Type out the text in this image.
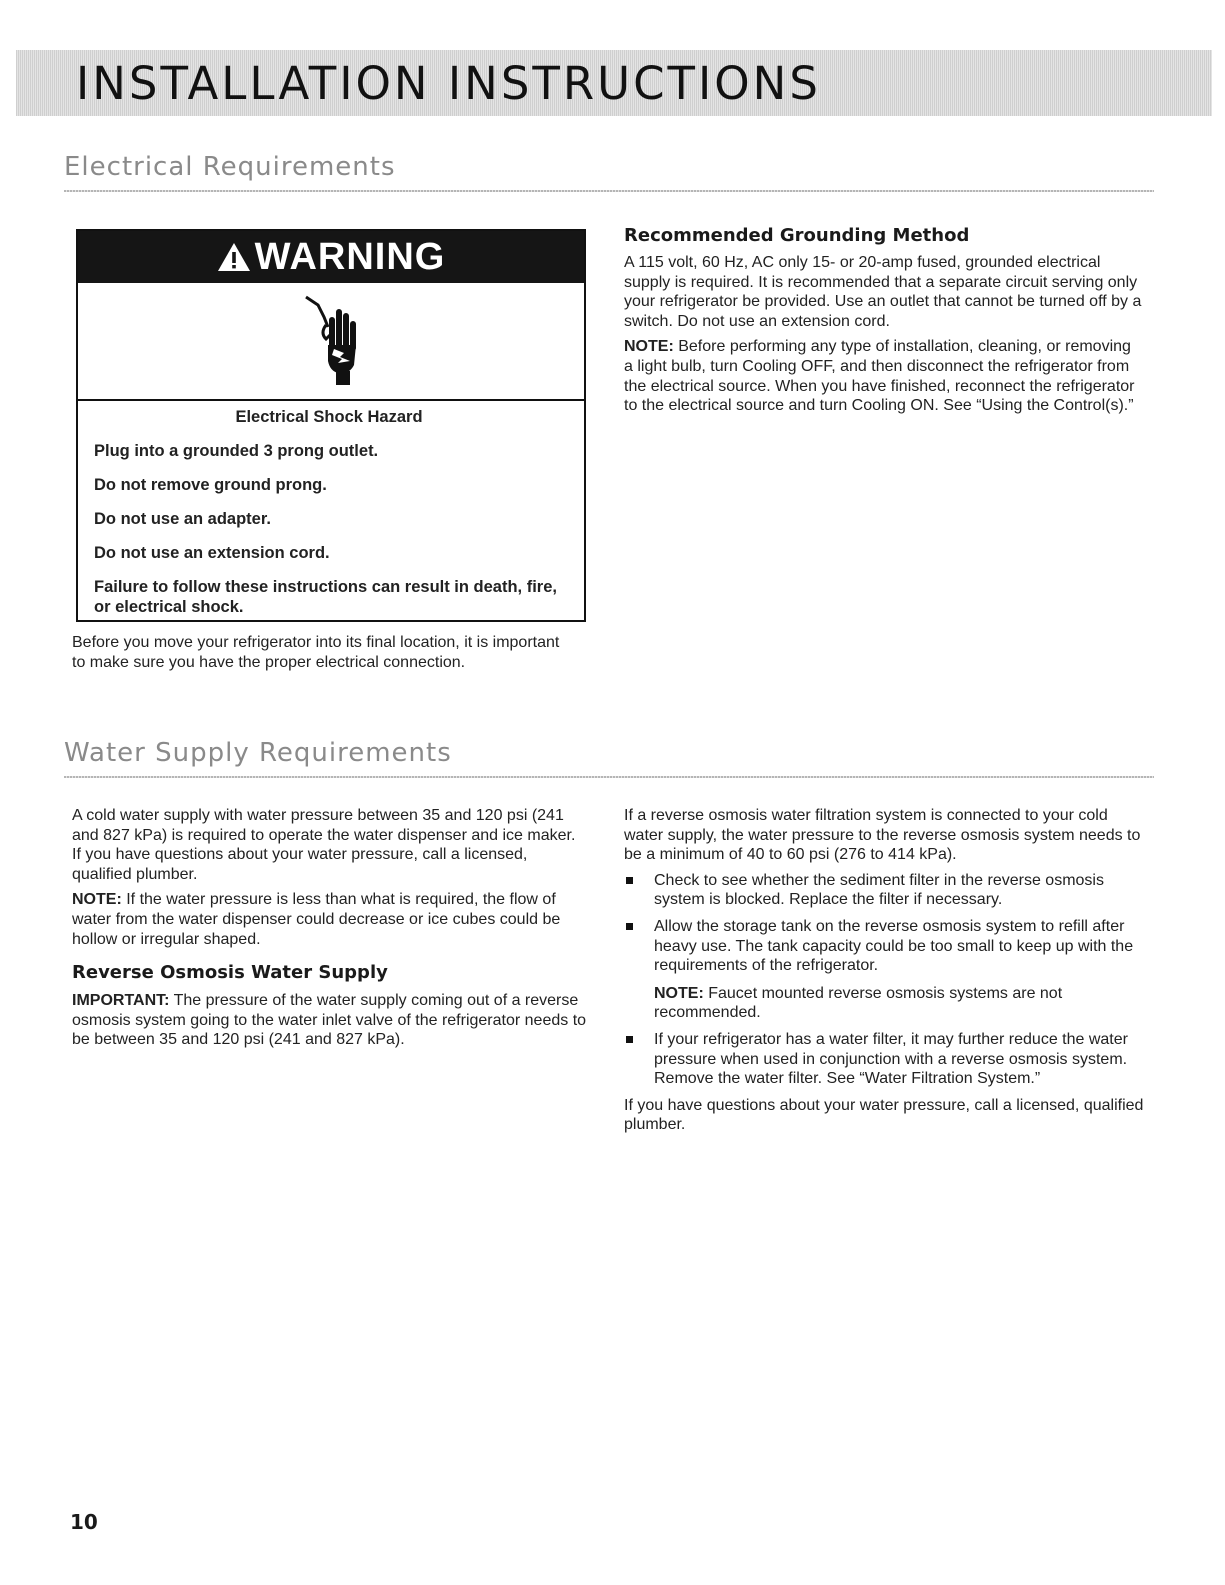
INSTALLATION INSTRUCTIONS
Electrical Requirements
WARNING

Electrical Shock Hazard

Plug into a grounded 3 prong outlet.

Do not remove ground prong.

Do not use an adapter.

Do not use an extension cord.

Failure to follow these instructions can result in death, fire, or electrical shock.

Before you move your refrigerator into its final location, it is important to make sure you have the proper electrical connection.

Recommended Grounding Method

A 115 volt, 60 Hz, AC only 15- or 20-amp fused, grounded electrical supply is required. It is recommended that a separate circuit serving only your refrigerator be provided. Use an outlet that cannot be turned off by a switch. Do not use an extension cord.

NOTE: Before performing any type of installation, cleaning, or removing a light bulb, turn Cooling OFF, and then disconnect the refrigerator from the electrical source. When you have finished, reconnect the refrigerator to the electrical source and turn Cooling ON. See “Using the Control(s).”

Water Supply Requirements

A cold water supply with water pressure between 35 and 120 psi (241 and 827 kPa) is required to operate the water dispenser and ice maker. If you have questions about your water pressure, call a licensed, qualified plumber.

NOTE: If the water pressure is less than what is required, the flow of water from the water dispenser could decrease or ice cubes could be hollow or irregular shaped.

Reverse Osmosis Water Supply

IMPORTANT: The pressure of the water supply coming out of a reverse osmosis system going to the water inlet valve of the refrigerator needs to be between 35 and 120 psi (241 and 827 kPa).

If a reverse osmosis water filtration system is connected to your cold water supply, the water pressure to the reverse osmosis system needs to be a minimum of 40 to 60 psi (276 to 414 kPa).

Check to see whether the sediment filter in the reverse osmosis system is blocked. Replace the filter if necessary.
Allow the storage tank on the reverse osmosis system to refill after heavy use. The tank capacity could be too small to keep up with the requirements of the refrigerator.
NOTE: Faucet mounted reverse osmosis systems are not recommended.
If your refrigerator has a water filter, it may further reduce the water pressure when used in conjunction with a reverse osmosis system. Remove the water filter. See “Water Filtration System.”

If you have questions about your water pressure, call a licensed, qualified plumber.

10
